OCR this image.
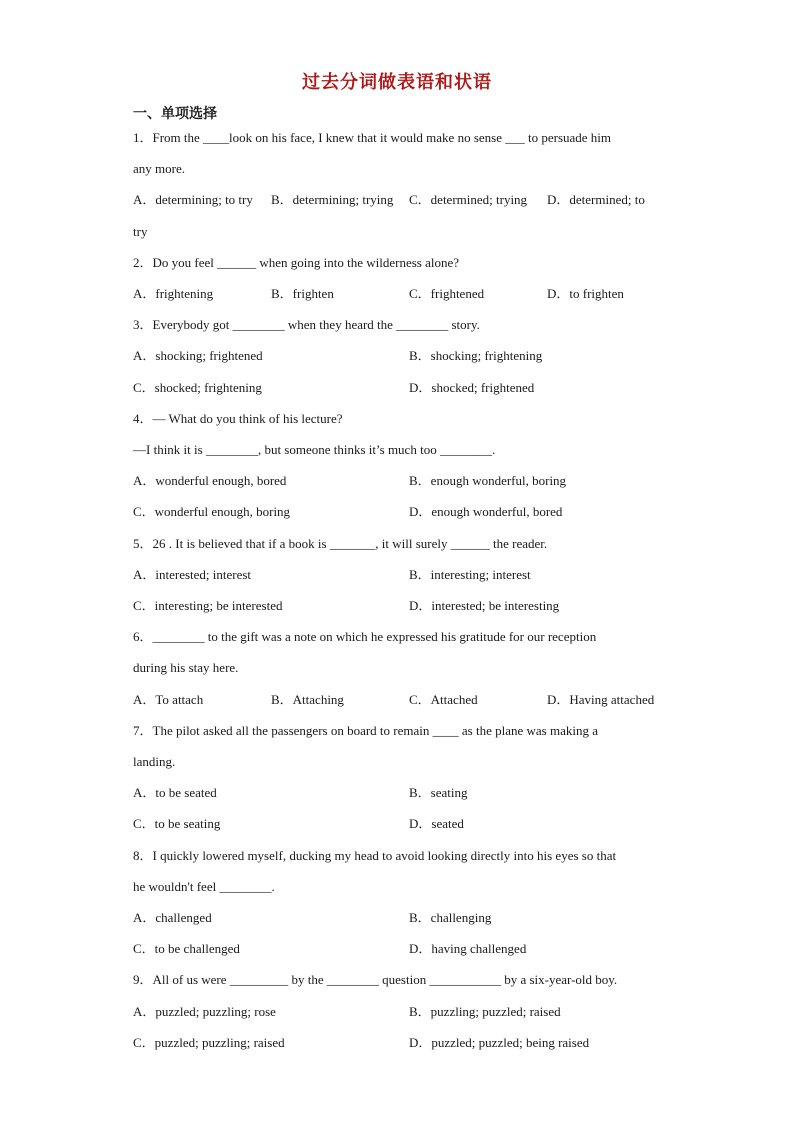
过去分词做表语和状语
一、单项选择
1．From the ____look on his face, I knew that it would make no sense ___ to persuade him
any more.
A．determining; to try B．determining; trying C．determined; trying D．determined; to
try
2．Do you feel ______ when going into the wilderness alone?
A．frightening	B．frighten	C．frightened	D．to frighten
3．Everybody got ________ when they heard the ________ story.
A．shocking; frightened	B．shocking; frightening
C．shocked; frightening	D．shocked; frightened
4．— What do you think of his lecture?
—I think it is ________, but someone thinks it’s much too ________.
A．wonderful enough, bored	B．enough wonderful, boring
C．wonderful enough, boring	D．enough wonderful, bored
5．26 . It is believed that if a book is _______, it will surely ______ the reader.
A．interested; interest	B．interesting; interest
C．interesting; be interested	D．interested; be interesting
6．________ to the gift was a note on which he expressed his gratitude for our reception
during his stay here.
A．To attach	B．Attaching	C．Attached	D．Having attached
7．The pilot asked all the passengers on board to remain ____ as the plane was making a
landing.
A．to be seated	B．seating
C．to be seating	D．seated
8．I quickly lowered myself, ducking my head to avoid looking directly into his eyes so that
he wouldn't feel ________.
A．challenged	B．challenging
C．to be challenged	D．having challenged
9．All of us were _________ by the ________ question ___________ by a six-year-old boy.
A．puzzled; puzzling; rose	B．puzzling; puzzled; raised
C．puzzled; puzzling; raised	D．puzzled; puzzled; being raised
